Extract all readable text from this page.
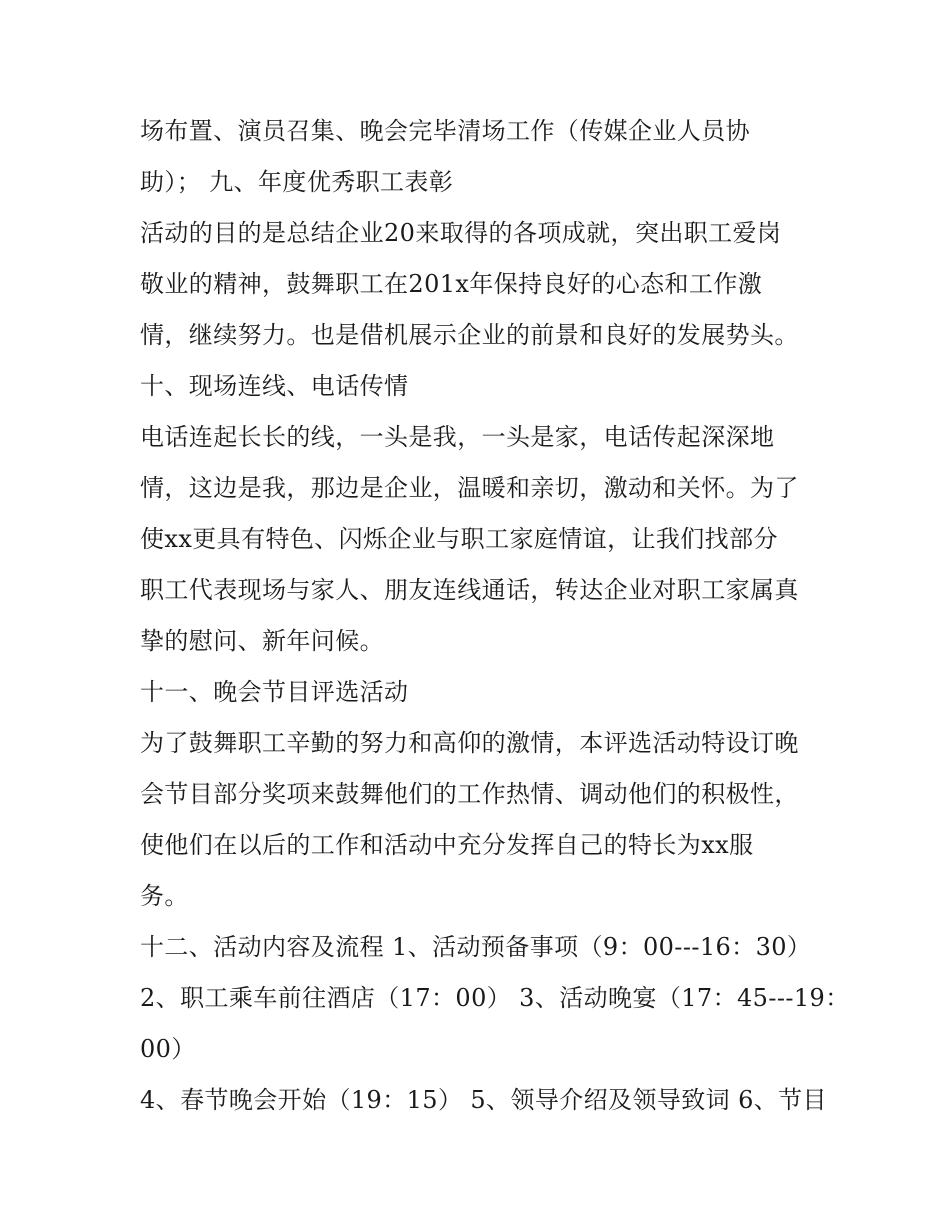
场布置、演员召集、晚会完毕清场工作（传媒企业人员协
助）； 九、年度优秀职工表彰
活动的目的是总结企业20来取得的各项成就，突出职工爱岗
敬业的精神，鼓舞职工在201x年保持良好的心态和工作激
情，继续努力。也是借机展示企业的前景和良好的发展势头。
十、现场连线、电话传情
电话连起长长的线，一头是我，一头是家，电话传起深深地
情，这边是我，那边是企业，温暖和亲切，激动和关怀。为了
使xx更具有特色、闪烁企业与职工家庭情谊，让我们找部分
职工代表现场与家人、朋友连线通话，转达企业对职工家属真
挚的慰问、新年问候。
十一、晚会节目评选活动
为了鼓舞职工辛勤的努力和高仰的激情，本评选活动特设订晚
会节目部分奖项来鼓舞他们的工作热情、调动他们的积极性，
使他们在以后的工作和活动中充分发挥自己的特长为xx服
务。
十二、活动内容及流程 1、活动预备事项（9：00---16：30）
2、职工乘车前往酒店（17：00） 3、活动晚宴（17：45---19：
00）
4、春节晚会开始（19：15） 5、领导介绍及领导致词 6、节目
